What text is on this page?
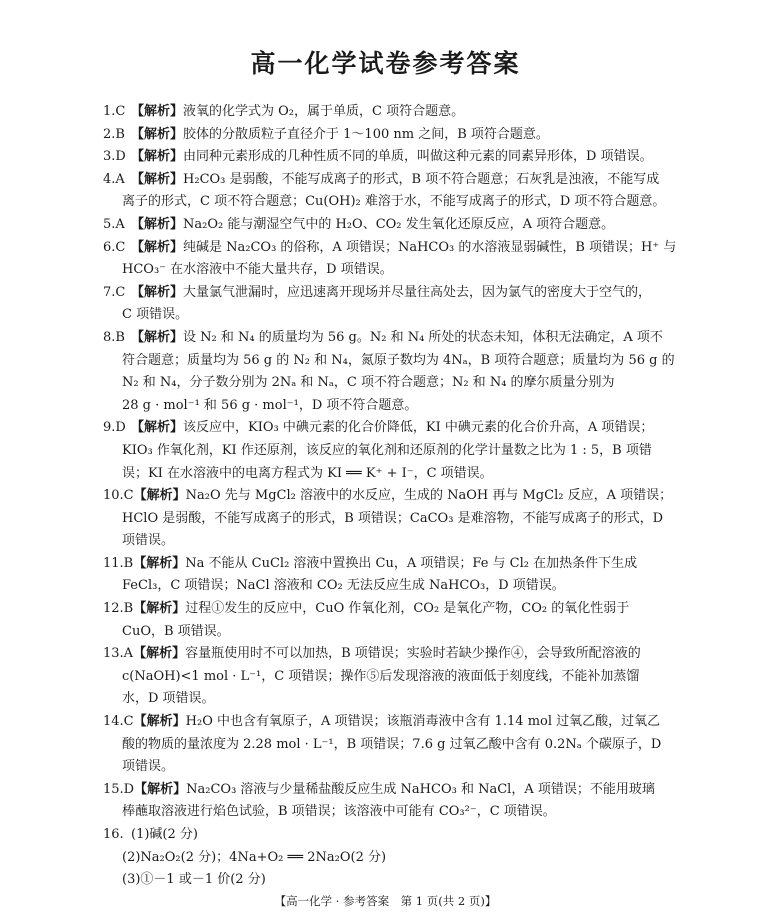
高一化学试卷参考答案
1.C 【解析】液氧的化学式为 O₂，属于单质，C 项符合题意。
2.B 【解析】胶体的分散质粒子直径介于 1～100 nm 之间，B 项符合题意。
3.D 【解析】由同种元素形成的几种性质不同的单质，叫做这种元素的同素异形体，D 项错误。
4.A 【解析】H₂CO₃ 是弱酸，不能写成离子的形式，B 项不符合题意；石灰乳是浊液，不能写成
离子的形式，C 项不符合题意；Cu(OH)₂ 难溶于水，不能写成离子的形式，D 项不符合题意。
5.A 【解析】Na₂O₂ 能与潮湿空气中的 H₂O、CO₂ 发生氧化还原反应，A 项符合题意。
6.C 【解析】纯碱是 Na₂CO₃ 的俗称，A 项错误；NaHCO₃ 的水溶液显弱碱性，B 项错误；H⁺ 与
HCO₃⁻ 在水溶液中不能大量共存，D 项错误。
7.C 【解析】大量氯气泄漏时，应迅速离开现场并尽量往高处去，因为氯气的密度大于空气的，
C 项错误。
8.B 【解析】设 N₂ 和 N₄ 的质量均为 56 g。N₂ 和 N₄ 所处的状态未知，体积无法确定，A 项不
符合题意；质量均为 56 g 的 N₂ 和 N₄，氮原子数均为 4Nₐ，B 项符合题意；质量均为 56 g 的
N₂ 和 N₄，分子数分别为 2Nₐ 和 Nₐ，C 项不符合题意；N₂ 和 N₄ 的摩尔质量分别为
28 g · mol⁻¹ 和 56 g · mol⁻¹，D 项不符合题意。
9.D 【解析】该反应中，KIO₃ 中碘元素的化合价降低，KI 中碘元素的化合价升高，A 项错误；
KIO₃ 作氧化剂，KI 作还原剂，该反应的氧化剂和还原剂的化学计量数之比为 1 : 5，B 项错
误；KI 在水溶液中的电离方程式为 KI ══ K⁺ + I⁻，C 项错误。
10.C【解析】Na₂O 先与 MgCl₂ 溶液中的水反应，生成的 NaOH 再与 MgCl₂ 反应，A 项错误；
HClO 是弱酸，不能写成离子的形式，B 项错误；CaCO₃ 是难溶物，不能写成离子的形式，D
项错误。
11.B【解析】Na 不能从 CuCl₂ 溶液中置换出 Cu，A 项错误；Fe 与 Cl₂ 在加热条件下生成
FeCl₃，C 项错误；NaCl 溶液和 CO₂ 无法反应生成 NaHCO₃，D 项错误。
12.B【解析】过程①发生的反应中，CuO 作氧化剂，CO₂ 是氧化产物，CO₂ 的氧化性弱于
CuO，B 项错误。
13.A【解析】容量瓶使用时不可以加热，B 项错误；实验时若缺少操作④，会导致所配溶液的
c(NaOH)<1 mol · L⁻¹，C 项错误；操作⑤后发现溶液的液面低于刻度线，不能补加蒸馏
水，D 项错误。
14.C【解析】H₂O 中也含有氧原子，A 项错误；该瓶消毒液中含有 1.14 mol 过氧乙酸，过氧乙
酸的物质的量浓度为 2.28 mol · L⁻¹，B 项错误；7.6 g 过氧乙酸中含有 0.2Nₐ 个碳原子，D
项错误。
15.D【解析】Na₂CO₃ 溶液与少量稀盐酸反应生成 NaHCO₃ 和 NaCl，A 项错误；不能用玻璃
棒蘸取溶液进行焰色试验，B 项错误；该溶液中可能有 CO₃²⁻，C 项错误。
16. (1)碱(2 分)
(2)Na₂O₂(2 分)；4Na+O₂ ══ 2Na₂O(2 分)
(3)①－1 或－1 价(2 分)
【高一化学 · 参考答案　第 1 页(共 2 页)】
